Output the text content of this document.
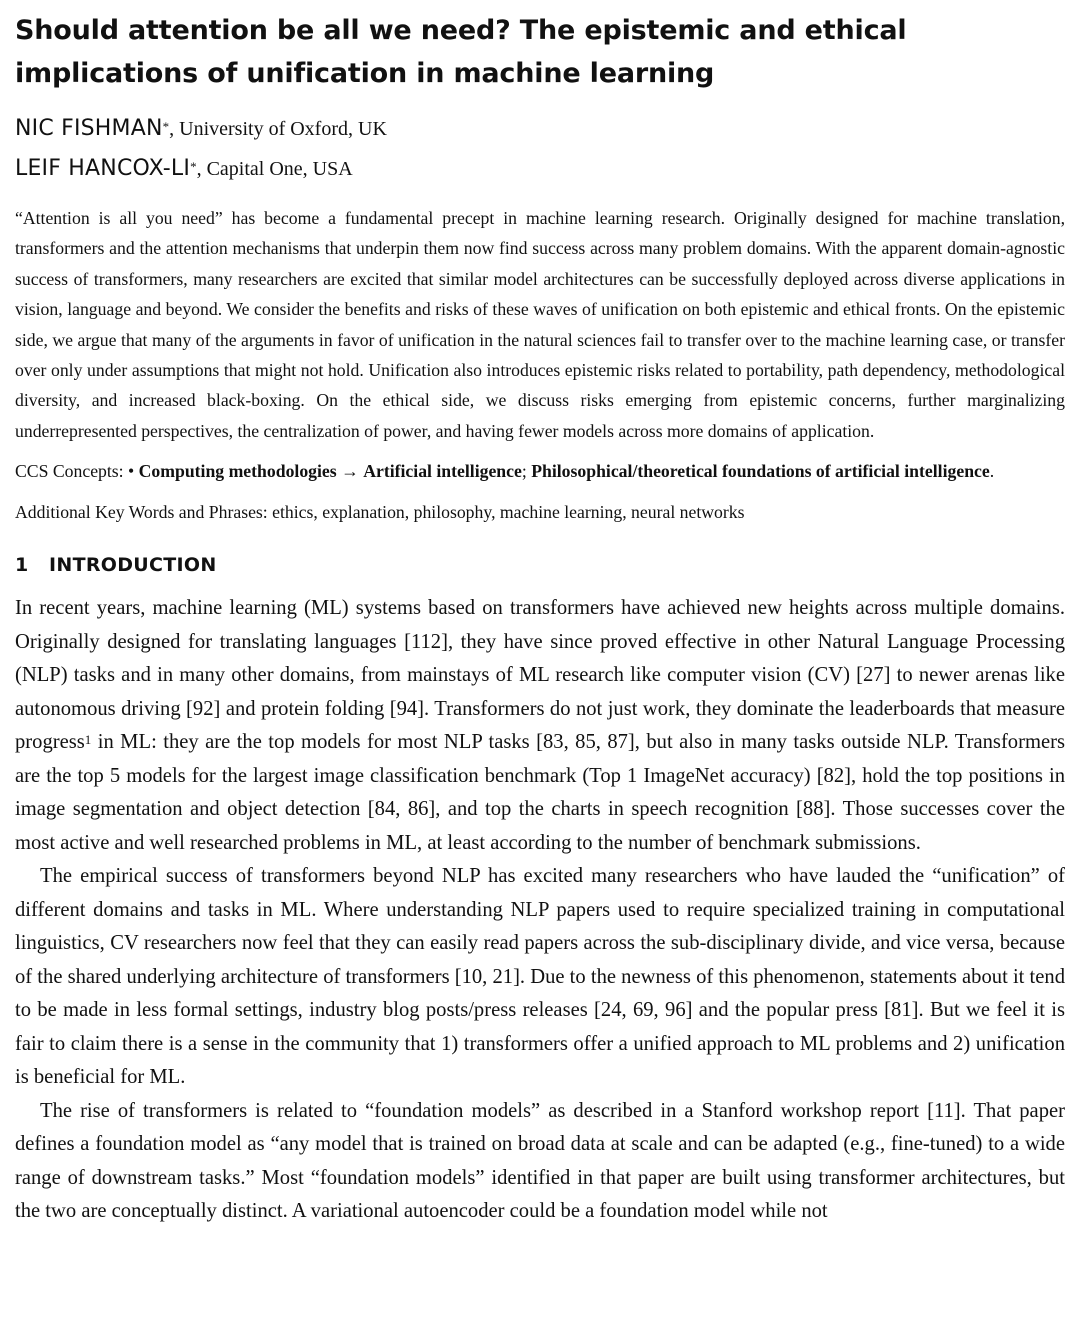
Should attention be all we need? The epistemic and ethical implications of unification in machine learning
NIC FISHMAN*, University of Oxford, UK
LEIF HANCOX-LI*, Capital One, USA

“Attention is all you need” has become a fundamental precept in machine learning research. Originally designed for machine translation, transformers and the attention mechanisms that underpin them now find success across many problem domains. With the apparent domain-agnostic success of transformers, many researchers are excited that similar model architectures can be successfully deployed across diverse applications in vision, language and beyond. We consider the benefits and risks of these waves of unification on both epistemic and ethical fronts. On the epistemic side, we argue that many of the arguments in favor of unification in the natural sciences fail to transfer over to the machine learning case, or transfer over only under assumptions that might not hold. Unification also introduces epistemic risks related to portability, path dependency, methodological diversity, and increased black-boxing. On the ethical side, we discuss risks emerging from epistemic concerns, further marginalizing underrepresented perspectives, the centralization of power, and having fewer models across more domains of application.

CCS Concepts: • Computing methodologies → Artificial intelligence; Philosophical/theoretical foundations of artificial intelligence.

Additional Key Words and Phrases: ethics, explanation, philosophy, machine learning, neural networks

1 INTRODUCTION

In recent years, machine learning (ML) systems based on transformers have achieved new heights across multiple domains. Originally designed for translating languages [112], they have since proved effective in other Natural Language Processing (NLP) tasks and in many other domains, from mainstays of ML research like computer vision (CV) [27] to newer arenas like autonomous driving [92] and protein folding [94]. Transformers do not just work, they dominate the leaderboards that measure progress$^1$ in ML: they are the top models for most NLP tasks [83, 85, 87], but also in many tasks outside NLP. Transformers are the top 5 models for the largest image classification benchmark (Top 1 ImageNet accuracy) [82], hold the top positions in image segmentation and object detection [84, 86], and top the charts in speech recognition [88]. Those successes cover the most active and well researched problems in ML, at least according to the number of benchmark submissions.

The empirical success of transformers beyond NLP has excited many researchers who have lauded the “unification” of different domains and tasks in ML. Where understanding NLP papers used to require specialized training in computational linguistics, CV researchers now feel that they can easily read papers across the sub-disciplinary divide, and vice versa, because of the shared underlying architecture of transformers [10, 21]. Due to the newness of this phenomenon, statements about it tend to be made in less formal settings, industry blog posts/press releases [24, 69, 96] and the popular press [81]. But we feel it is fair to claim there is a sense in the community that 1) transformers offer a unified approach to ML problems and 2) unification is beneficial for ML.

The rise of transformers is related to “foundation models” as described in a Stanford workshop report [11]. That paper defines a foundation model as “any model that is trained on broad data at scale and can be adapted (e.g., fine-tuned) to a wide range of downstream tasks.” Most “foundation models” identified in that paper are built using transformer architectures, but the two are conceptually distinct. A variational autoencoder could be a foundation model while not
